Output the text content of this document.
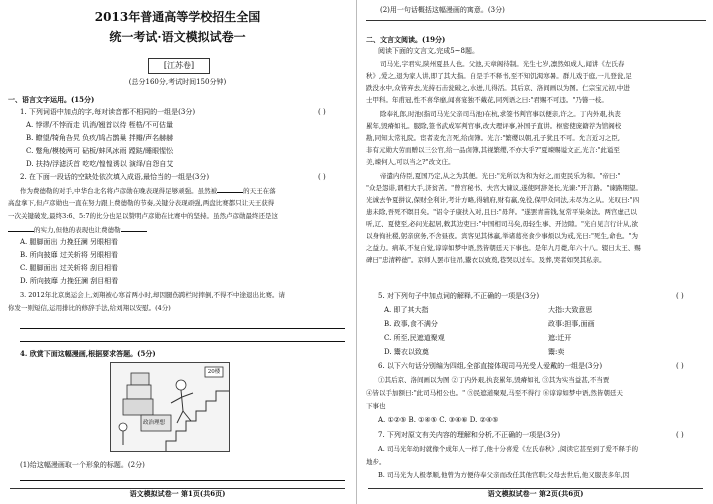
2013年普通高等学校招生全国
统一考试·语文模拟试卷一
[江苏卷]
(总分160分,考试时间150分钟)
一、语言文字运用。(15分)
1. 下列词语中加点的字,每对读音都不相同的一组是(3分)	( )
A. 悖谬/不悖而走 讥消/翘首以待 桎梏/不可估量
B. 瞭望/犄角旮旯 负疚/鸠占鹊巢 拌瓣/声名赫赫
C. 蹩角/模棱两可 砧板/蚌风冰雨 蹚跶/睡眼惺忪
D. 扶持/浮滤沃首 吃吃/惶惶诱以 演绎/自怨自艾
2. 在下面一段话的空缺处依次填入成语,最恰当的一组是(3分)	( )
作为费德勒的对手,中华台北名将卢彦勋在晚表现得足够顽强。虽然被	的天王在落
高盘拿下,但卢彦勋也一直在努力跟上费德勒的节奏,关键分表现顽强,两盘比赛都只让天王获得
一次关键破发,最终3:6、5:7的比分也足以赞明卢彦勋在比赛中的坚持。虽然卢彦勋最终还是这
的实力,但他的表现也让费德勒
A. 腿脚面出 力挽狂澜 另眼相看
B. 所向披靡 过关斩将 另眼相看
C. 腿脚面出 过关斩将 刮目相看
D. 所向披靡 力挽狂澜 刮目相看
3. 2012年北京奥运会上,刘翔被心寒首两小时,却因腿伤跨栏时摔倒,不得不中途退出比赛。请
你发一则短信,运用排比的修辞手法,给刘翔以安慰。(4分)
4. 欣赏下面这幅漫画,根据要求答题。(5分)
20楼
政治理想
(1)给这幅漫画取一个形象的标题。(2分)
语文模拟试卷一 第1页(共6页)
(2)用一句话概括这幅漫画的寓意。(3分)
二、文言文阅读。(19分)
阅读下面的文言文,完成5~8题。
司马光,字君实,陕州夏县人也。父池,天章阁待制。光生七岁,凛然如成人,闻讲《左氏春
秋》,爱之,退为家人讲,即了其大指。自是手不释书,至不知饥渴寒暑。群儿戏于庭,一儿登瓮,足
跌没水中,众皆弃去,光持石击瓮破之,水迸,儿得活。其后京、洛间画以为图。仁宗宝元初,中进
士甲科。年甫冠,性不喜华靡,闻喜宴独不戴花,同列语之曰:"君赐不可违。"乃簪一枝。
除奉礼郎,时池(指司马光父亲司马池)在杭,求签书判官事以便亲,许之。丁内外艰,执丧
累年,毁瘠如礼。服除,签书武成军判官事,改大理评事,补国子直讲。枢密使庞籍荐为馆阁校
勘,同知太常礼院。宦者麦允言死,给卤簿。光言:"繁缨以朝,孔子犹且不可。允言近习之臣,
非有元勋大劳而赠以三公官,给一品卤簿,其视繁缨,不亦大乎?"夏竦赐谥文正,光言:"此谥至
美,竦何人,可以当之?"改文庄。
帝遣内侍臣,夏国乃定,从之为其便。光曰:"光所以为和为好之,而吏民乐为和。"帝曰:"
"众是怨诽,谓相大手,济贫苦。"曾宫秘书、夫宫大谏议,遂使阿辞尧长,光谏:"开言路。"谏路期望。
光诚去争夏拼议,保财全利计,考计方略,得辅府,财有赢,免役,保甲众同法,未尽为之从。光叹曰:"四
患未除,吾死不瞑目矣。"诏令子康扶入对,且曰:"毋拜。"遂罢青苗钱,复常平粜籴法。两宫虚己以
听,辽、夏使至,必问光起居,敕其边吏曰:"中国相司马矣,毋轻生事、开边隙。"光自见言行计从,欲
以身徇社稷,躬亲庶务,不舍昼夜。宾客见其体羸,举诸葛亮食少事烦以为戒,光曰:"死生,命也。"为
之益力。病革,不复自觉,谆谆如梦中语,然皆朝廷天下事也。是年九月薨,年六十八。辍日太王、赐
碑曰"忠清粹德"。京师人罢市往吊,鬻衣以致奠,巷哭以过车。及葬,哭者如哭其私亲。
5. 对下列句子中加点词的解释,不正确的一项是(3分)	( )
A. 即了其大指	大指:大致意思
B. 政事,食不满分	政事:担事,面画
C. 所至,民遮道聚观	遮:迁开
D. 鬻衣以致奠	鬻:卖
6. 以下六句话分别编为四组,全部直接体现司马光受人爱戴的一组是(3分)	( )
①其后京、洛间画以为图 ②丁内外艰,执丧累年,毁瘠如礼 ③其为实当益甚,不当贾
④皆以手加额曰:"此司马相公也。" ⑤民遮道聚观,马至不得行 ⑥谆谆如梦中语,然皆朝廷天
下事也
A. ①②⑤ B. ①④⑤ C. ③④⑥ D. ②④⑤
7. 下列对原文有关内容的理解和分析,不正确的一项是(3分)	( )
A. 司马光年幼时就像个成年人一样了,他十分喜爱《左氏春秋》,阅读它甚至到了爱不释手的
地步。
B. 司马光为人极孝顺,他曾为方便侍奉父亲而改任其他官职;父母去世后,他又服丧多年,因
语文模拟试卷一 第2页(共6页)
